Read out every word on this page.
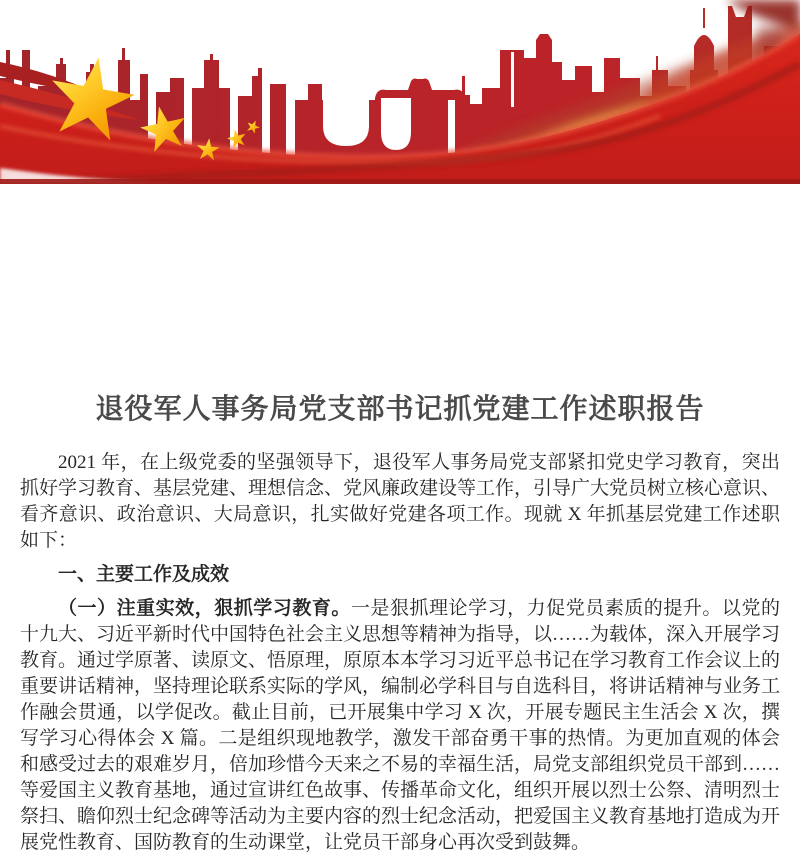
退役军人事务局党支部书记抓党建工作述职报告

2021 年，在上级党委的坚强领导下，退役军人事务局党支部紧扣党史学习教育，突出抓好学习教育、基层党建、理想信念、党风廉政建设等工作，引导广大党员树立核心意识、看齐意识、政治意识、大局意识，扎实做好党建各项工作。现就 X 年抓基层党建工作述职如下：

一、主要工作及成效

（一）注重实效，狠抓学习教育。一是狠抓理论学习，力促党员素质的提升。以党的十九大、习近平新时代中国特色社会主义思想等精神为指导，以……为载体，深入开展学习教育。通过学原著、读原文、悟原理，原原本本学习习近平总书记在学习教育工作会议上的重要讲话精神，坚持理论联系实际的学风，编制必学科目与自选科目，将讲话精神与业务工作融会贯通，以学促改。截止目前，已开展集中学习 X 次，开展专题民主生活会 X 次，撰写学习心得体会 X 篇。二是组织现地教学，激发干部奋勇干事的热情。为更加直观的体会和感受过去的艰难岁月，倍加珍惜今天来之不易的幸福生活，局党支部组织党员干部到……等爱国主义教育基地，通过宣讲红色故事、传播革命文化，组织开展以烈士公祭、清明烈士祭扫、瞻仰烈士纪念碑等活动为主要内容的烈士纪念活动，把爱国主义教育基地打造成为开展党性教育、国防教育的生动课堂，让党员干部身心再次受到鼓舞。
